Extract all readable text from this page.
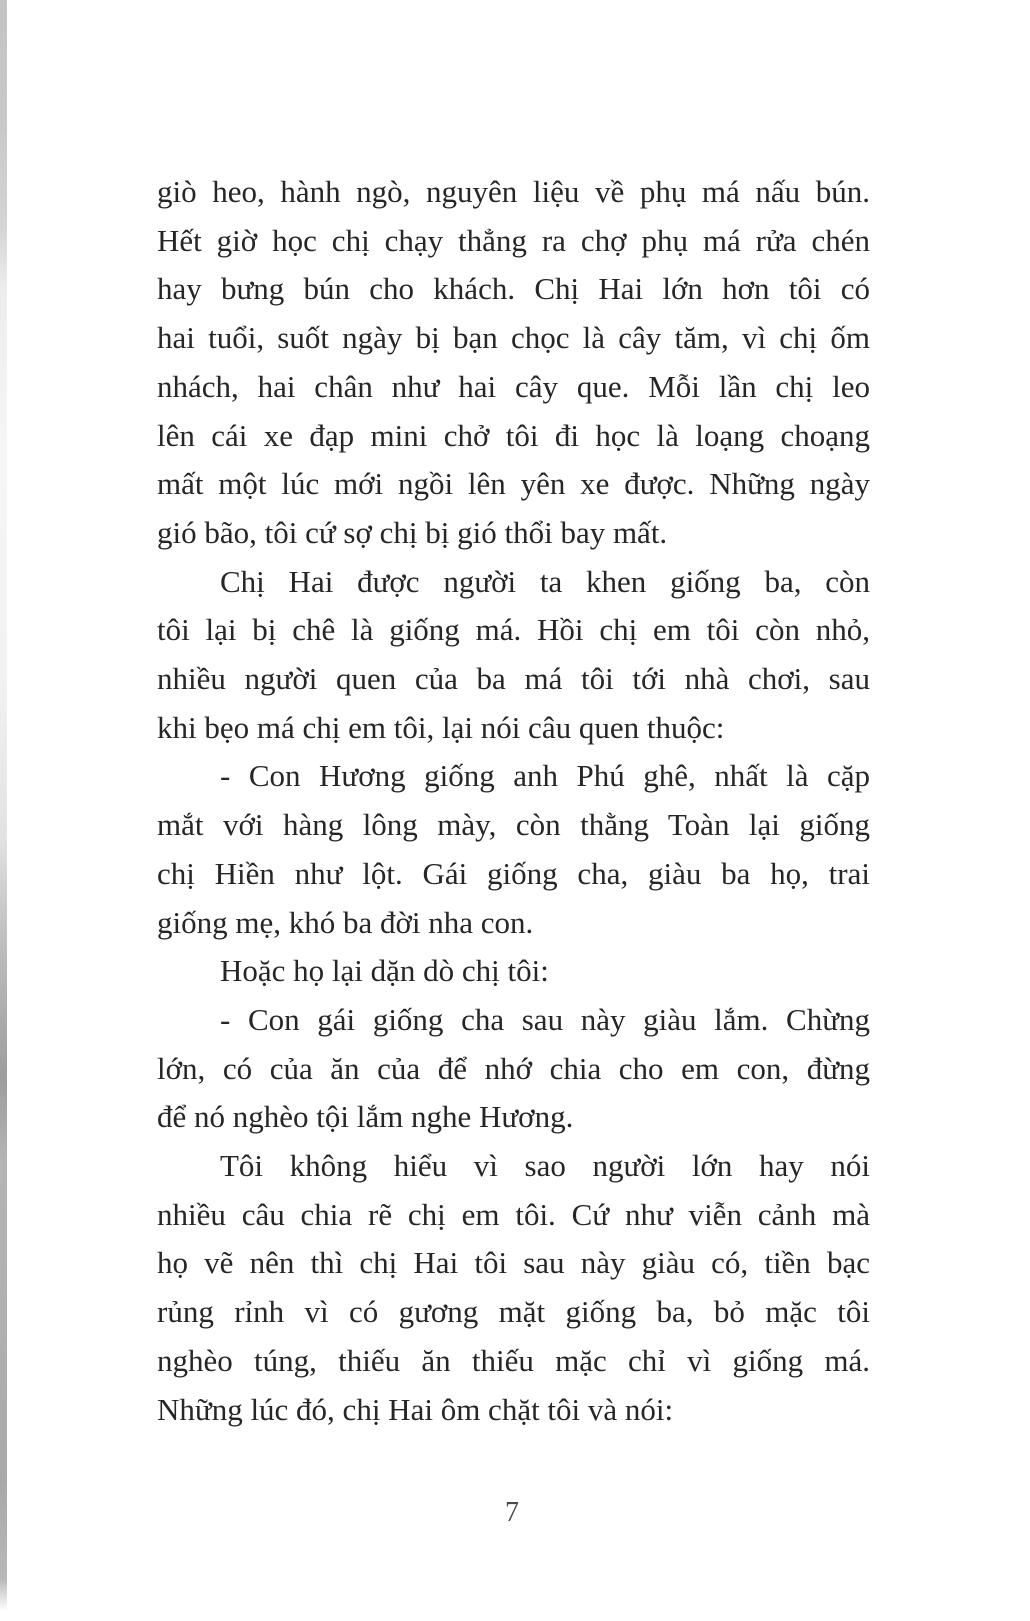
giò heo, hành ngò, nguyên liệu về phụ má nấu bún.
Hết giờ học chị chạy thẳng ra chợ phụ má rửa chén
hay bưng bún cho khách. Chị Hai lớn hơn tôi có
hai tuổi, suốt ngày bị bạn chọc là cây tăm, vì chị ốm
nhách, hai chân như hai cây que. Mỗi lần chị leo
lên cái xe đạp mini chở tôi đi học là loạng choạng
mất một lúc mới ngồi lên yên xe được. Những ngày
gió bão, tôi cứ sợ chị bị gió thổi bay mất.

Chị Hai được người ta khen giống ba, còn
tôi lại bị chê là giống má. Hồi chị em tôi còn nhỏ,
nhiều người quen của ba má tôi tới nhà chơi, sau
khi bẹo má chị em tôi, lại nói câu quen thuộc:

- Con Hương giống anh Phú ghê, nhất là cặp
mắt với hàng lông mày, còn thằng Toàn lại giống
chị Hiền như lột. Gái giống cha, giàu ba họ, trai
giống mẹ, khó ba đời nha con.

Hoặc họ lại dặn dò chị tôi:

- Con gái giống cha sau này giàu lắm. Chừng
lớn, có của ăn của để nhớ chia cho em con, đừng
để nó nghèo tội lắm nghe Hương.

Tôi không hiểu vì sao người lớn hay nói
nhiều câu chia rẽ chị em tôi. Cứ như viễn cảnh mà
họ vẽ nên thì chị Hai tôi sau này giàu có, tiền bạc
rủng rỉnh vì có gương mặt giống ba, bỏ mặc tôi
nghèo túng, thiếu ăn thiếu mặc chỉ vì giống má.
Những lúc đó, chị Hai ôm chặt tôi và nói:

7
